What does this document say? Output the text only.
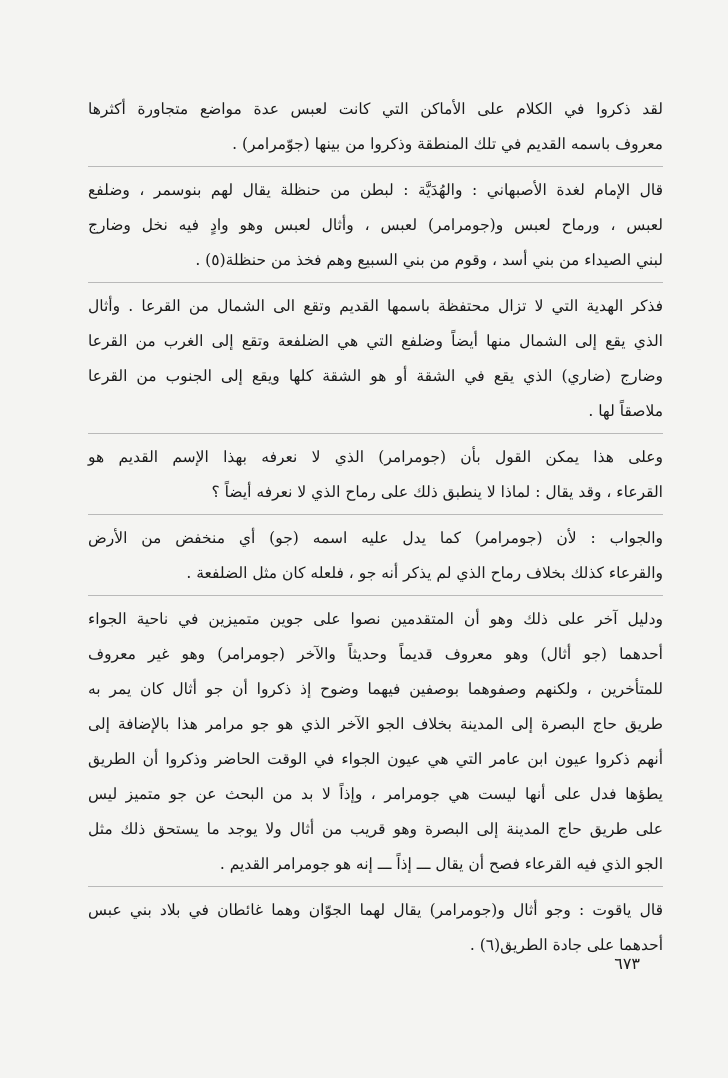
لقد ذكروا في الكلام على الأماكن التي كانت لعبس عدة مواضع متجاورة أكثرها
معروف باسمه القديم في تلك المنطقة وذكروا من بينها (جوّمرامر) .

قال الإمام لغدة الأصبهاني : والهُدَيَّة : لبطن من حنظلة يقال لهم بنوسمر ، وضلفع
لعبس ، ورماح لعبس و(جومرامر) لعبس ، وأثال لعبس وهو وادٍ فيه نخل وضارج
لبني الصيداء من بني أسد ، وقوم من بني السبيع وهم فخذ من حنظلة(٥) .

فذكر الهدية التي لا تزال محتفظة باسمها القديم وتقع الى الشمال من القرعا . وأثال
الذي يقع إلى الشمال منها أيضاً وضلفع التي هي الضلفعة وتقع إلى الغرب من القرعا
وضارج (ضاري) الذي يقع في الشقة أو هو الشقة كلها ويقع إلى الجنوب من القرعا
ملاصقاً لها .

وعلى هذا يمكن القول بأن (جومرامر) الذي لا نعرفه بهذا الإسم القديم هو
القرعاء ، وقد يقال : لماذا لا ينطبق ذلك على رماح الذي لا نعرفه أيضاً ؟

والجواب : لأن (جومرامر) كما يدل عليه اسمه (جو) أي منخفض من الأرض
والقرعاء كذلك بخلاف رماح الذي لم يذكر أنه جو ، فلعله كان مثل الضلفعة .

ودليل آخر على ذلك وهو أن المتقدمين نصوا على جوين متميزين في ناحية الجواء
أحدهما (جو أثال) وهو معروف قديماً وحديثاً والآخر (جومرامر) وهو غير معروف
للمتأخرين ، ولكنهم وصفوهما بوصفين فيهما وضوح إذ ذكروا أن جو أثال كان يمر به
طريق حاج البصرة إلى المدينة بخلاف الجو الآخر الذي هو جو مرامر هذا بالإضافة إلى
أنهم ذكروا عيون ابن عامر التي هي عيون الجواء في الوقت الحاضر وذكروا أن الطريق
يطؤها فدل على أنها ليست هي جومرامر ، وإذاً لا بد من البحث عن جو متميز ليس
على طريق حاج المدينة إلى البصرة وهو قريب من أثال ولا يوجد ما يستحق ذلك مثل
الجو الذي فيه القرعاء فصح أن يقال ـــ إذاً ـــ إنه هو جومرامر القديم .

قال ياقوت : وجو أثال و(جومرامر) يقال لهما الجوّان وهما غائطان في بلاد بني عبس
أحدهما على جادة الطريق(٦) .

٦٧٣
